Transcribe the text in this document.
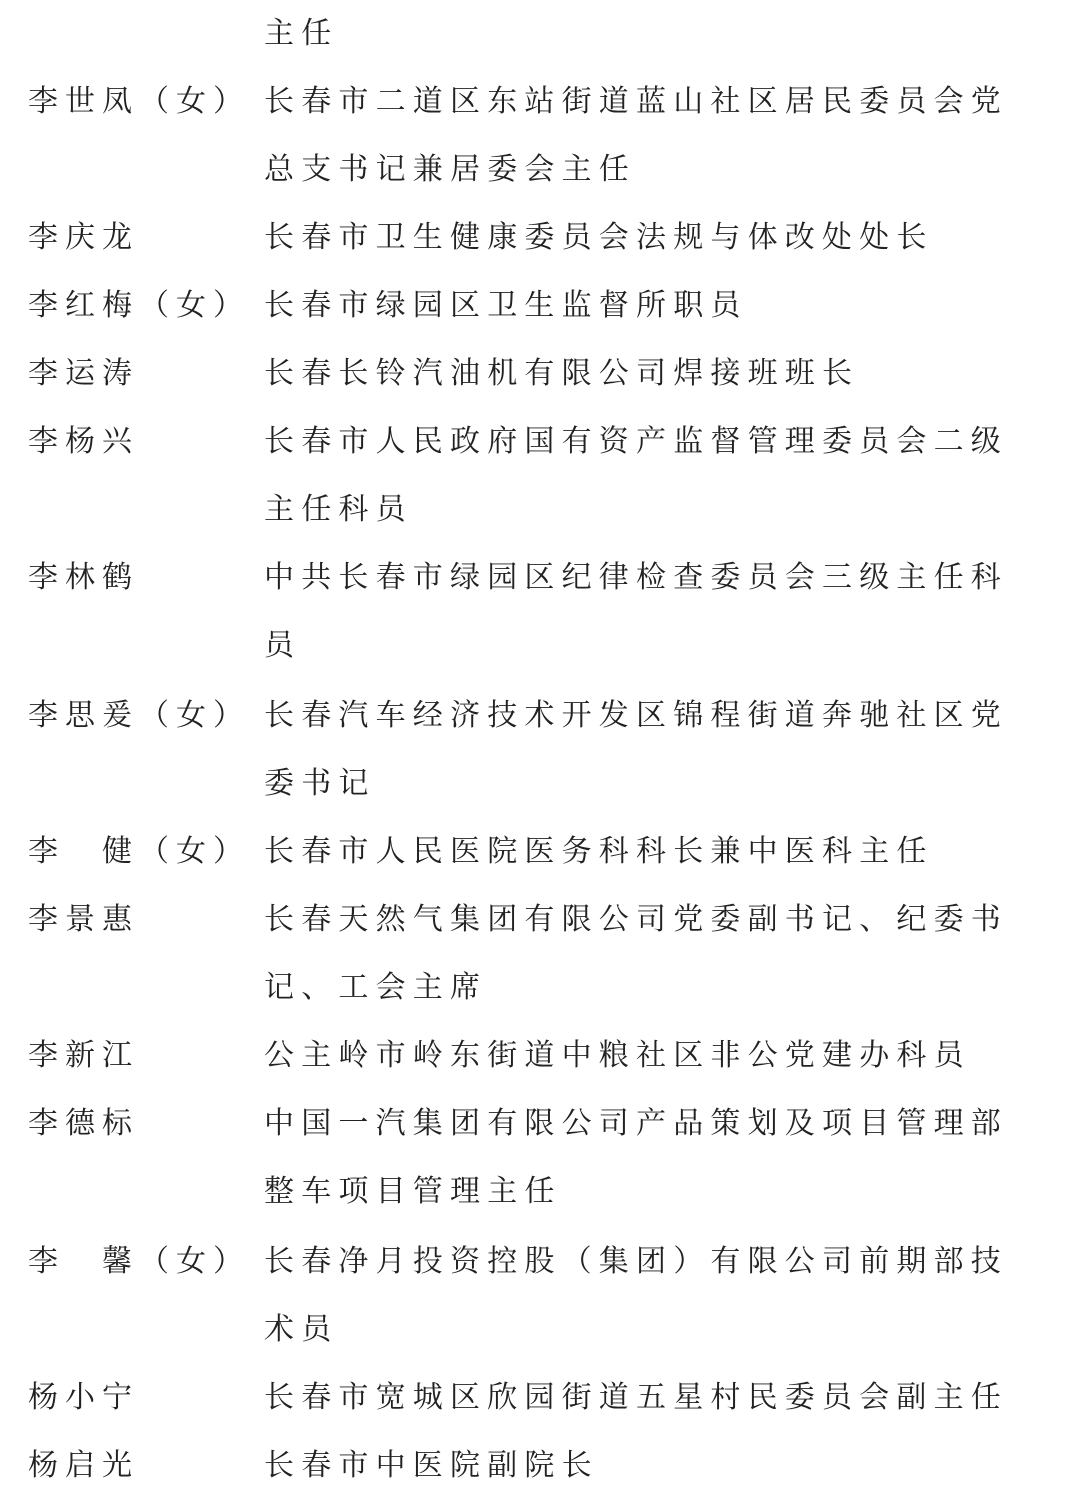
主任
李世凤（女） 长春市二道区东站街道蓝山社区居民委员会党
总支书记兼居委会主任
李庆龙	长春市卫生健康委员会法规与体改处处长
李红梅（女） 长春市绿园区卫生监督所职员
李运涛	长春长铃汽油机有限公司焊接班班长
李杨兴	长春市人民政府国有资产监督管理委员会二级
主任科员
李林鹤	中共长春市绿园区纪律检查委员会三级主任科
员
李思爰（女） 长春汽车经济技术开发区锦程街道奔驰社区党
委书记
李　健（女） 长春市人民医院医务科科长兼中医科主任
李景惠	长春天然气集团有限公司党委副书记、纪委书
记、工会主席
李新江	公主岭市岭东街道中粮社区非公党建办科员
李德标	中国一汽集团有限公司产品策划及项目管理部
整车项目管理主任
李　馨（女） 长春净月投资控股（集团）有限公司前期部技
术员
杨小宁	长春市宽城区欣园街道五星村民委员会副主任
杨启光	长春市中医院副院长
